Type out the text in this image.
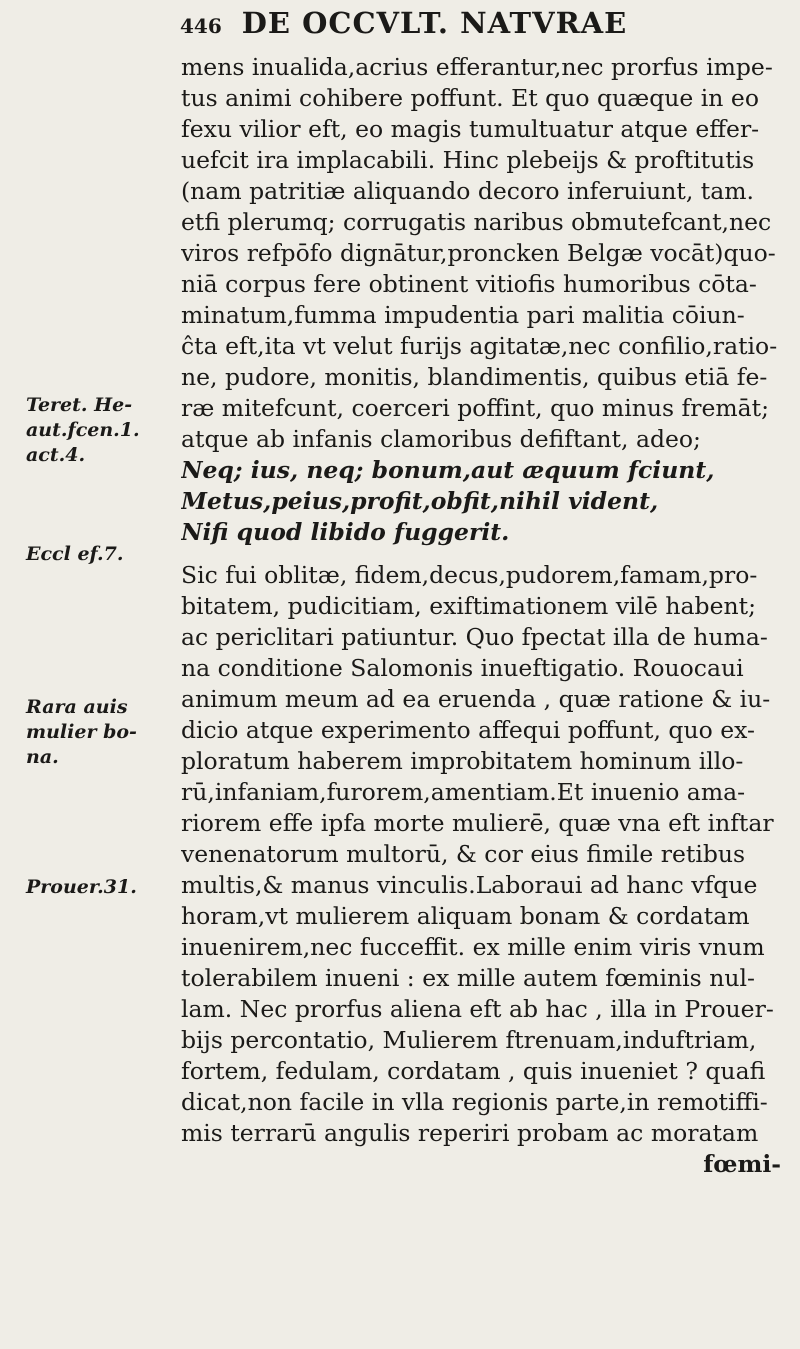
446 DE OCCVLT. NATVRAE
Teret. He-
aut.fcen.1.
act.4.
Eccl ef.7.
Rara auis
mulier bo-
na.
Prouer.31.
mens inualida,acrius efferantur,nec prorfus impe-
tus animi cohibere poffunt. Et quo quæque in eo
fexu vilior eft, eo magis tumultuatur atque effer-
uefcit ira implacabili. Hinc plebeijs & proftitutis
(nam patritiæ aliquando decoro inferuiunt, tam.
etfi plerumq; corrugatis naribus obmutefcant,nec
viros refpōfo dignātur,proncken Belgæ vocāt)quo-
niā corpus fere obtinent vitiofis humoribus cōta-
minatum,fumma impudentia pari malitia cōiun-
ĉta eft,ita vt velut furijs agitatæ,nec confilio,ratio-
ne, pudore, monitis, blandimentis, quibus etiā fe-
ræ mitefcunt, coerceri poffint, quo minus fremāt;
atque ab infanis clamoribus defiftant, adeo;
Neq; ius, neq; bonum,aut æquum fciunt,
Metus,peius,profit,obfit,nihil vident,
Nifi quod libido fuggerit.
Sic fui oblitæ, fidem,decus,pudorem,famam,pro-
bitatem, pudicitiam, exiftimationem vilē habent;
ac periclitari patiuntur. Quo fpectat illa de huma-
na conditione Salomonis inueftigatio. Rouocaui
animum meum ad ea eruenda , quæ ratione & iu-
dicio atque experimento affequi poffunt, quo ex-
ploratum haberem improbitatem hominum illo-
rū,infaniam,furorem,amentiam.Et inuenio ama-
riorem effe ipfa morte mulierē, quæ vna eft inftar
venenatorum multorū, & cor eius fimile retibus
multis,& manus vinculis.Laboraui ad hanc vfque
horam,vt mulierem aliquam bonam & cordatam
inuenirem,nec fucceffit. ex mille enim viris vnum
tolerabilem inueni : ex mille autem fœminis nul-
lam. Nec prorfus aliena eft ab hac , illa in Prouer-
bijs percontatio, Mulierem ftrenuam,induftriam,
fortem, fedulam, cordatam , quis inueniet ? quafi
dicat,non facile in vlla regionis parte,in remotiffi-
mis terrarū angulis reperiri probam ac moratam
fœmi-
